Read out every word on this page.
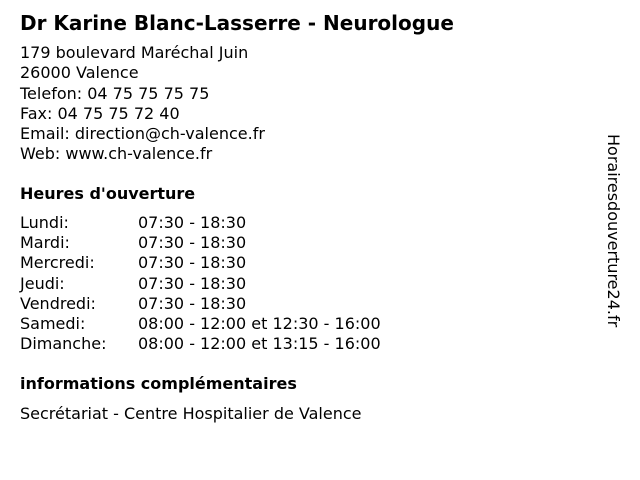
Dr Karine Blanc-Lasserre - Neurologue
179 boulevard Maréchal Juin
26000 Valence
Telefon: 04 75 75 75 75
Fax: 04 75 75 72 40
Email: direction@ch-valence.fr
Web: www.ch-valence.fr
Heures d'ouverture
Lundi:	07:30 - 18:30
Mardi:	07:30 - 18:30
Mercredi:	07:30 - 18:30
Jeudi:	07:30 - 18:30
Vendredi:	07:30 - 18:30
Samedi:	08:00 - 12:00 et 12:30 - 16:00
Dimanche:	08:00 - 12:00 et 13:15 - 16:00
informations complémentaires
Secrétariat - Centre Hospitalier de Valence
Horairesdouverture24.fr
